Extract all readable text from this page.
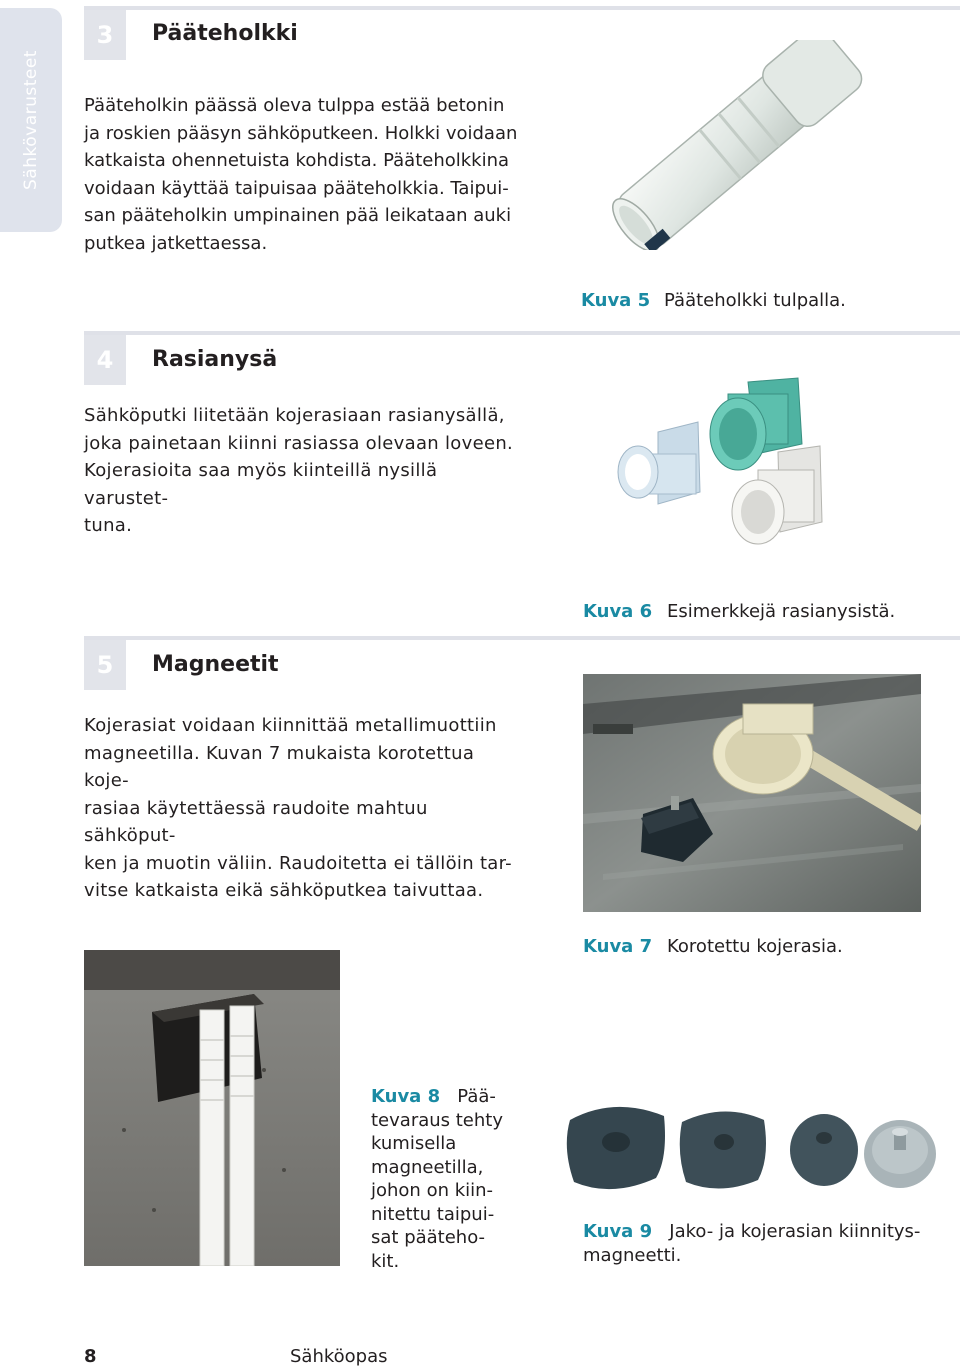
Sähkövarusteet
3	Pääteholkki
Pääteholkin päässä oleva tulppa estää betonin
ja roskien pääsyn sähköputkeen. Holkki voidaan
katkaista ohennetuista kohdista. Pääteholkkina
voidaan käyttää taipuisaa pääteholkkia. Taipui-
san pääteholkin umpinainen pää leikataan auki
putkea jatkettaessa.
Kuva 5 Pääteholkki tulpalla.
4	Rasianysä
Sähköputki liitetään kojerasiaan rasianysällä,
joka painetaan kiinni rasiassa olevaan loveen.
Kojerasioita saa myös kiinteillä nysillä varustet-
tuna.
Kuva 6 Esimerkkejä rasianysistä.
5	Magneetit
Kojerasiat voidaan kiinnittää metallimuottiin
magneetilla. Kuvan 7 mukaista korotettua koje-
rasiaa käytettäessä raudoite mahtuu sähköput-
ken ja muotin väliin. Raudoitetta ei tällöin tar-
vitse katkaista eikä sähköputkea taivuttaa.
Kuva 7 Korotettu kojerasia.
Kuva 8 Pää-
tevaraus tehty
kumisella
magneetilla,
johon on kiin-
nitettu taipui-
sat pääteho-
kit.
Kuva 9 Jako- ja kojerasian kiinnitys-
magneetti.
8	Sähköopas
